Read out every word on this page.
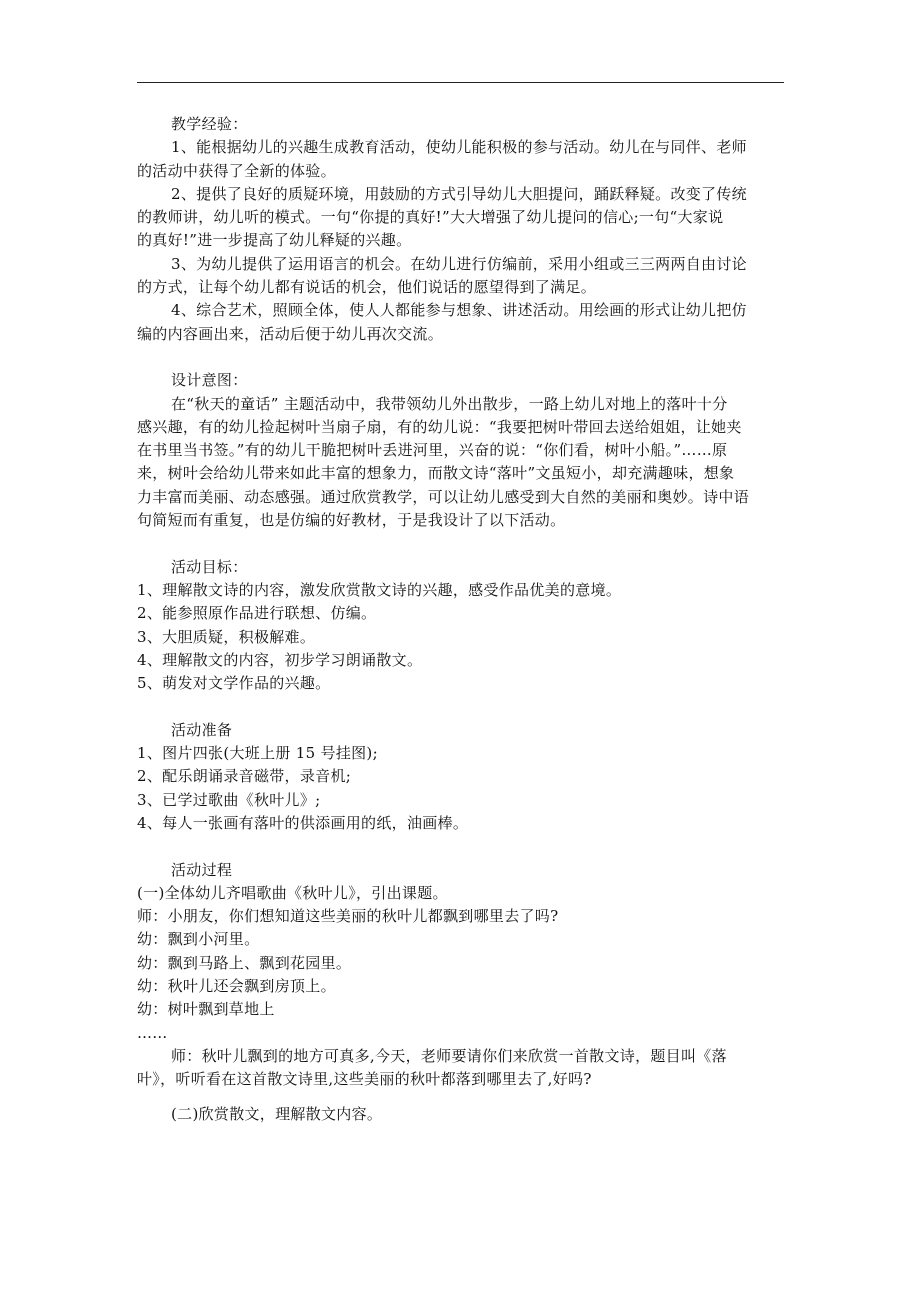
教学经验：
1、能根据幼儿的兴趣生成教育活动，使幼儿能积极的参与活动。幼儿在与同伴、老师
的活动中获得了全新的体验。
2、提供了良好的质疑环境，用鼓励的方式引导幼儿大胆提问，踊跃释疑。改变了传统
的教师讲，幼儿听的模式。一句“你提的真好!”大大增强了幼儿提问的信心;一句“大家说
的真好!”进一步提高了幼儿释疑的兴趣。
3、为幼儿提供了运用语言的机会。在幼儿进行仿编前，采用小组或三三两两自由讨论
的方式，让每个幼儿都有说话的机会，他们说话的愿望得到了满足。
4、综合艺术，照顾全体，使人人都能参与想象、讲述活动。用绘画的形式让幼儿把仿
编的内容画出来，活动后便于幼儿再次交流。
设计意图：
在“秋天的童话” 主题活动中，我带领幼儿外出散步，一路上幼儿对地上的落叶十分
感兴趣，有的幼儿捡起树叶当扇子扇，有的幼儿说：“我要把树叶带回去送给姐姐，让她夹
在书里当书签。”有的幼儿干脆把树叶丢进河里，兴奋的说：“你们看，树叶小船。”……原
来，树叶会给幼儿带来如此丰富的想象力，而散文诗“落叶”文虽短小，却充满趣味，想象
力丰富而美丽、动态感强。通过欣赏教学，可以让幼儿感受到大自然的美丽和奥妙。诗中语
句简短而有重复，也是仿编的好教材，于是我设计了以下活动。
活动目标：
1、理解散文诗的内容，激发欣赏散文诗的兴趣，感受作品优美的意境。
2、能参照原作品进行联想、仿编。
3、大胆质疑，积极解难。
4、理解散文的内容，初步学习朗诵散文。
5、萌发对文学作品的兴趣。
活动准备
1、图片四张(大班上册 15 号挂图);
2、配乐朗诵录音磁带，录音机;
3、已学过歌曲《秋叶儿》;
4、每人一张画有落叶的供添画用的纸，油画棒。
活动过程
(一)全体幼儿齐唱歌曲《秋叶儿》，引出课题。
师：小朋友，你们想知道这些美丽的秋叶儿都飘到哪里去了吗?
幼：飘到小河里。
幼：飘到马路上、飘到花园里。
幼：秋叶儿还会飘到房顶上。
幼：树叶飘到草地上
……
师：秋叶儿飘到的地方可真多,今天，老师要请你们来欣赏一首散文诗，题目叫《落
叶》，听听看在这首散文诗里,这些美丽的秋叶都落到哪里去了,好吗?
(二)欣赏散文，理解散文内容。
